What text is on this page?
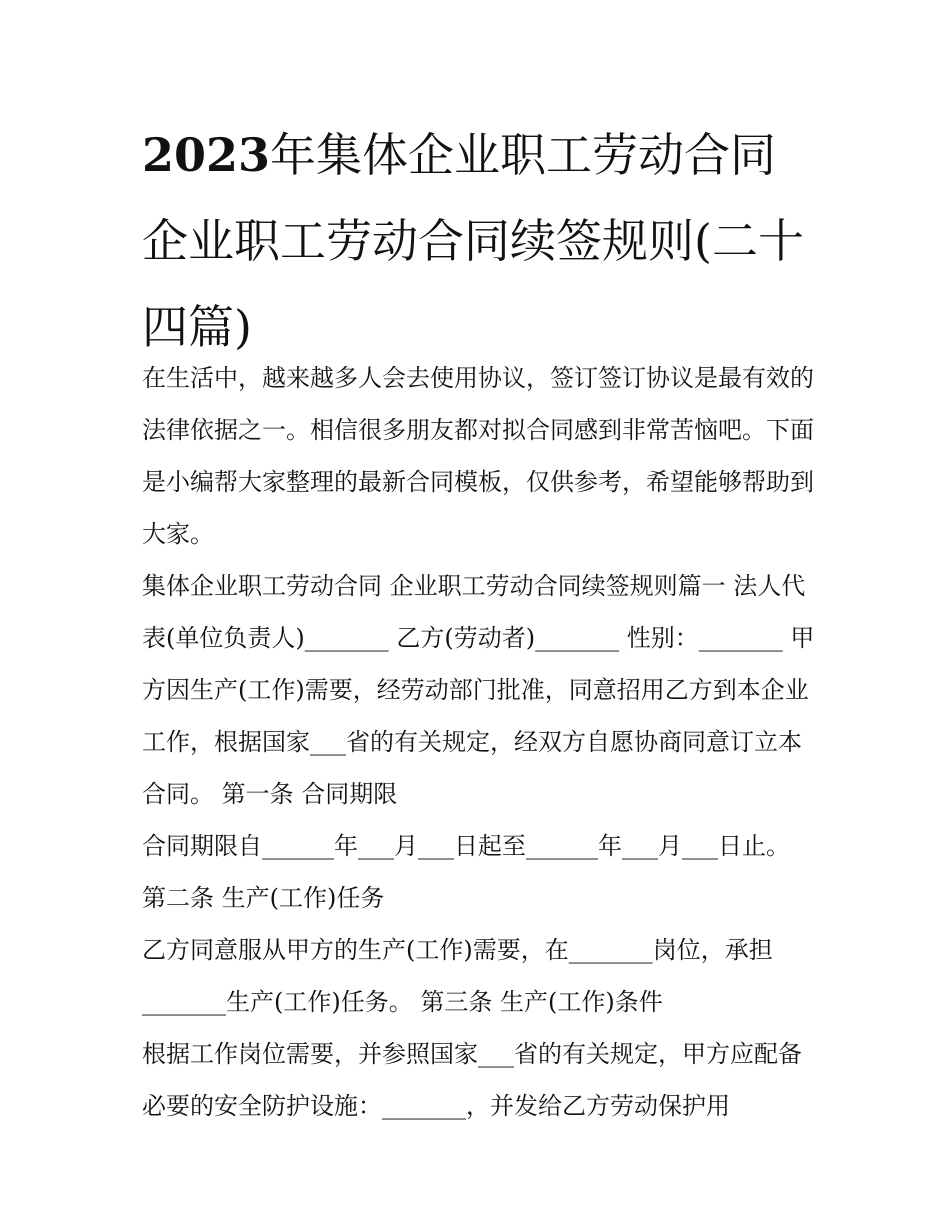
2023年集体企业职工劳动合同企业职工劳动合同续签规则(二十四篇)

在生活中，越来越多人会去使用协议，签订签订协议是最有效的法律依据之一。相信很多朋友都对拟合同感到非常苦恼吧。下面是小编帮大家整理的最新合同模板，仅供参考，希望能够帮助到大家。

集体企业职工劳动合同 企业职工劳动合同续签规则篇一 法人代表(单位负责人)_______ 乙方(劳动者)_______ 性别：_______ 甲方因生产(工作)需要，经劳动部门批准，同意招用乙方到本企业工作，根据国家___省的有关规定，经双方自愿协商同意订立本合同。 第一条 合同期限

合同期限自______年___月___日起至______年___月___日止。

第二条 生产(工作)任务

乙方同意服从甲方的生产(工作)需要，在_______岗位，承担_______生产(工作)任务。 第三条 生产(工作)条件

根据工作岗位需要，并参照国家___省的有关规定，甲方应配备必要的安全防护设施：_______，并发给乙方劳动保护用
